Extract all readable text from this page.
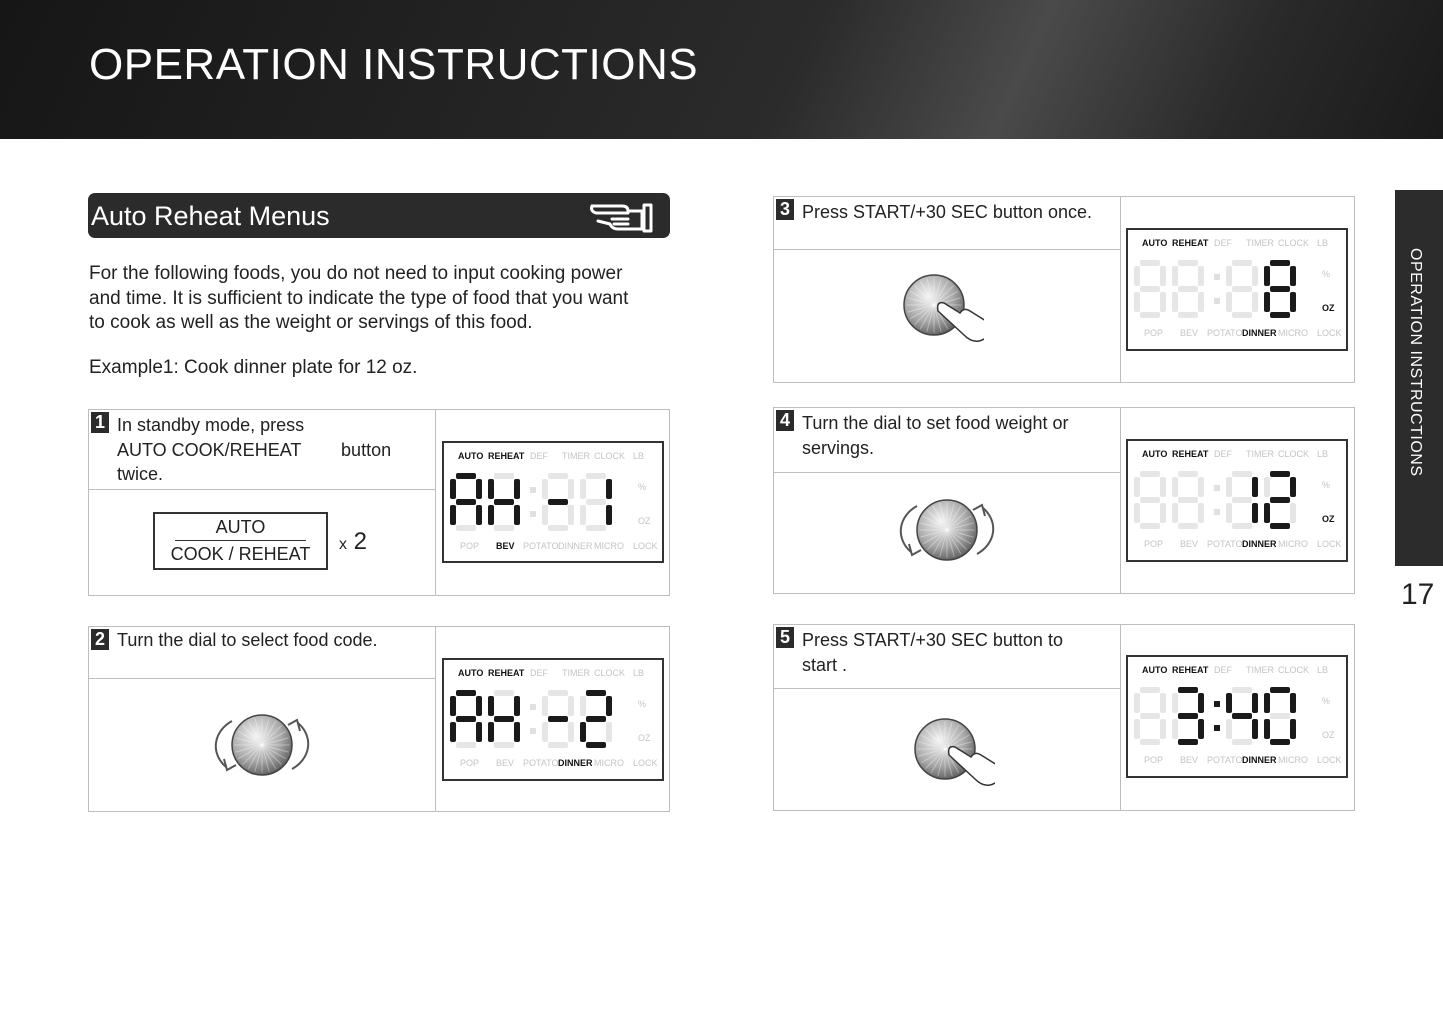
OPERATION INSTRUCTIONS
OPERATION INSTRUCTIONS
17
Auto Reheat Menus
For the following foods, you do not need to input cooking power
and time. It is sufficient to indicate the type of food that you want
to cook as well as the weight or servings of this food.
Example1: Cook dinner plate for 12 oz.
1 In standby mode, press
AUTO COOK/REHEAT        button
twice.
AUTO
COOK / REHEAT	x 2
AUTO REHEAT DEF TIMER CLOCK LB
POP BEV POTATO DINNER MICRO LOCK
%
OZ
2 Turn the dial to select food code.
AUTO REHEAT DEF TIMER CLOCK LB
POP BEV POTATO DINNER MICRO LOCK
%
OZ
3 Press START/+30 SEC button once.
AUTO REHEAT DEF TIMER CLOCK LB
POP BEV POTATO DINNER MICRO LOCK
%
OZ
4 Turn the dial to set food weight or
servings.	AUTO REHEAT DEF TIMER CLOCK LB
POP BEV POTATO DINNER MICRO LOCK
%
OZ
5 Press START/+30 SEC button to
start .	AUTO REHEAT DEF TIMER CLOCK LB
POP BEV POTATO DINNER MICRO LOCK
%
OZ
